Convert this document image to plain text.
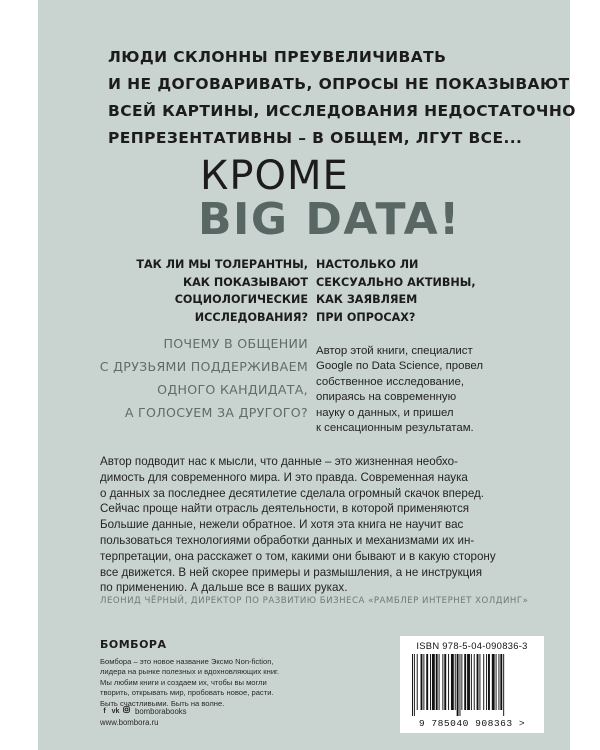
ЛЮДИ СКЛОННЫ ПРЕУВЕЛИЧИВАТЬ
И НЕ ДОГОВАРИВАТЬ, ОПРОСЫ НЕ ПОКАЗЫВАЮТ
ВСЕЙ КАРТИНЫ, ИССЛЕДОВАНИЯ НЕДОСТАТОЧНО
РЕПРЕЗЕНТАТИВНЫ – В ОБЩЕМ, ЛГУТ ВСЕ...
КРОМЕ
BIG DATA!
ТАК ЛИ МЫ ТОЛЕРАНТНЫ,
КАК ПОКАЗЫВАЮТ
СОЦИОЛОГИЧЕСКИЕ
ИССЛЕДОВАНИЯ?
НАСТОЛЬКО ЛИ
СЕКСУАЛЬНО АКТИВНЫ,
КАК ЗАЯВЛЯЕМ
ПРИ ОПРОСАХ?
ПОЧЕМУ В ОБЩЕНИИ
С ДРУЗЬЯМИ ПОДДЕРЖИВАЕМ
ОДНОГО КАНДИДАТА,
А ГОЛОСУЕМ ЗА ДРУГОГО?
Автор этой книги, специалист
Google по Data Science, провел
собственное исследование,
опираясь на современную
науку о данных, и пришел
к сенсационным результатам.
Автор подводит нас к мысли, что данные – это жизненная необхо-
димость для современного мира. И это правда. Современная наука
о данных за последнее десятилетие сделала огромный скачок вперед.
Сейчас проще найти отрасль деятельности, в которой применяются
Большие данные, нежели обратное. И хотя эта книга не научит вас
пользоваться технологиями обработки данных и механизмами их ин-
терпретации, она расскажет о том, какими они бывают и в какую сторону
все движется. В ней скорее примеры и размышления, а не инструкция
по применению. А дальше все в ваших руках.
ЛЕОНИД ЧЁРНЫЙ, ДИРЕКТОР ПО РАЗВИТИЮ БИЗНЕСА «РАМБЛЕР ИНТЕРНЕТ ХОЛДИНГ»
БОМБОРА
Бомбора – это новое название Эксмо Non-fiction,
лидера на рынке полезных и вдохновляющих книг.
Мы любим книги и создаем их, чтобы вы могли
творить, открывать мир, пробовать новое, расти.
Быть счастливыми. Быть на волне.
f vk bomborabooks
www.bombora.ru
ISBN 978-5-04-090836-3
9 785040 908363 >
